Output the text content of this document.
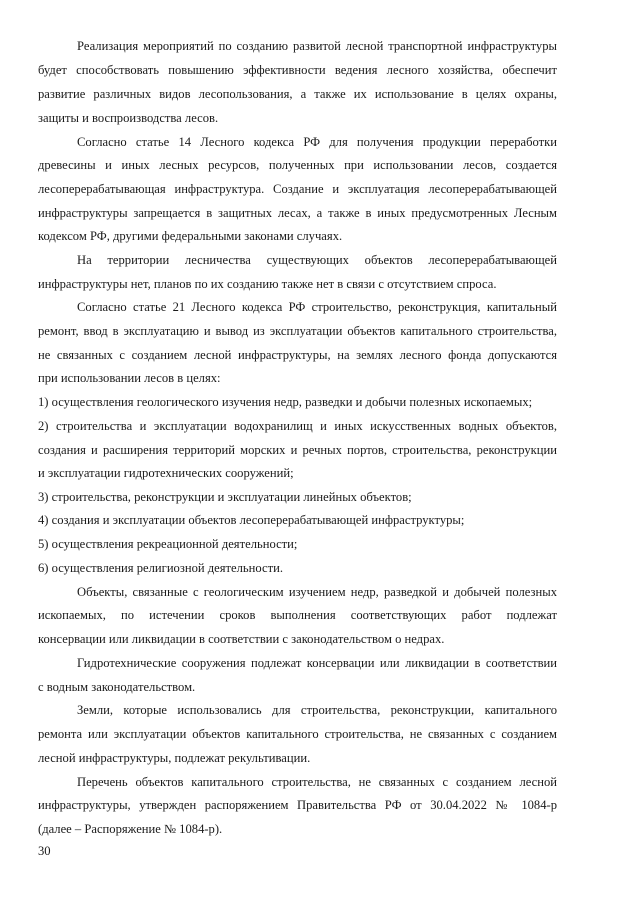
Реализация мероприятий по созданию развитой лесной транспортной инфраструктуры
будет способствовать повышению эффективности ведения лесного хозяйства, обеспечит
развитие различных видов лесопользования, а также их использование в целях охраны,
защиты и воспроизводства лесов.
Согласно статье 14 Лесного кодекса РФ для получения продукции переработки
древесины и иных лесных ресурсов, полученных при использовании лесов, создается
лесоперерабатывающая инфраструктура. Создание и эксплуатация лесоперерабатывающей
инфраструктуры запрещается в защитных лесах, а также в иных предусмотренных Лесным
кодексом РФ, другими федеральными законами случаях.
На территории лесничества существующих объектов лесоперерабатывающей
инфраструктуры нет, планов по их созданию также нет в связи с отсутствием спроса.
Согласно статье 21 Лесного кодекса РФ строительство, реконструкция, капитальный
ремонт, ввод в эксплуатацию и вывод из эксплуатации объектов капитального строительства,
не связанных с созданием лесной инфраструктуры, на землях лесного фонда допускаются
при использовании лесов в целях:
1) осуществления геологического изучения недр, разведки и добычи полезных ископаемых;
2) строительства и эксплуатации водохранилищ и иных искусственных водных объектов,
создания и расширения территорий морских и речных портов, строительства, реконструкции
и эксплуатации гидротехнических сооружений;
3) строительства, реконструкции и эксплуатации линейных объектов;
4) создания и эксплуатации объектов лесоперерабатывающей инфраструктуры;
5) осуществления рекреационной деятельности;
6) осуществления религиозной деятельности.
Объекты, связанные с геологическим изучением недр, разведкой и добычей полезных
ископаемых, по истечении сроков выполнения соответствующих работ подлежат
консервации или ликвидации в соответствии с законодательством о недрах.
Гидротехнические сооружения подлежат консервации или ликвидации в соответствии
с водным законодательством.
Земли, которые использовались для строительства, реконструкции, капитального
ремонта или эксплуатации объектов капитального строительства, не связанных с созданием
лесной инфраструктуры, подлежат рекультивации.
Перечень объектов капитального строительства, не связанных с созданием лесной
инфраструктуры, утвержден распоряжением Правительства РФ от 30.04.2022 № 1084-р
(далее – Распоряжение № 1084-р).
30
